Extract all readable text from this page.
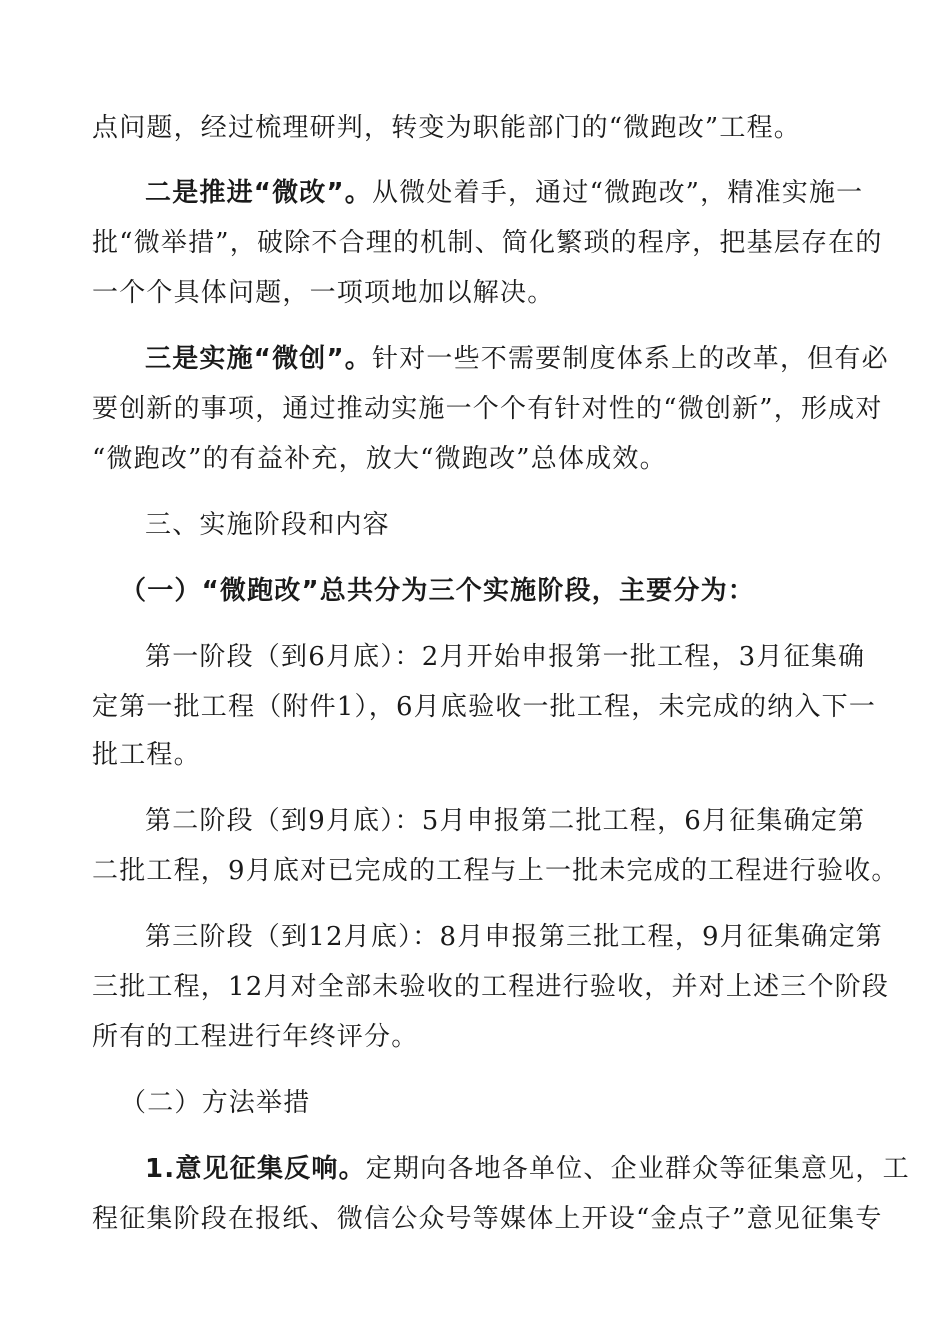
点问题，经过梳理研判，转变为职能部门的“微跑改”工程。
二是推进“微改”。从微处着手，通过“微跑改”，精准实施一
批“微举措”，破除不合理的机制、简化繁琐的程序，把基层存在的
一个个具体问题，一项项地加以解决。
三是实施“微创”。针对一些不需要制度体系上的改革，但有必
要创新的事项，通过推动实施一个个有针对性的“微创新”，形成对
“微跑改”的有益补充，放大“微跑改”总体成效。
三、实施阶段和内容
（一）“微跑改”总共分为三个实施阶段，主要分为：
第一阶段（到6月底）：2月开始申报第一批工程，3月征集确
定第一批工程（附件1），6月底验收一批工程，未完成的纳入下一
批工程。
第二阶段（到9月底）：5月申报第二批工程，6月征集确定第
二批工程，9月底对已完成的工程与上一批未完成的工程进行验收。
第三阶段（到12月底）：8月申报第三批工程，9月征集确定第
三批工程，12月对全部未验收的工程进行验收，并对上述三个阶段
所有的工程进行年终评分。
（二）方法举措
1.意见征集反响。定期向各地各单位、企业群众等征集意见，工
程征集阶段在报纸、微信公众号等媒体上开设“金点子”意见征集专
